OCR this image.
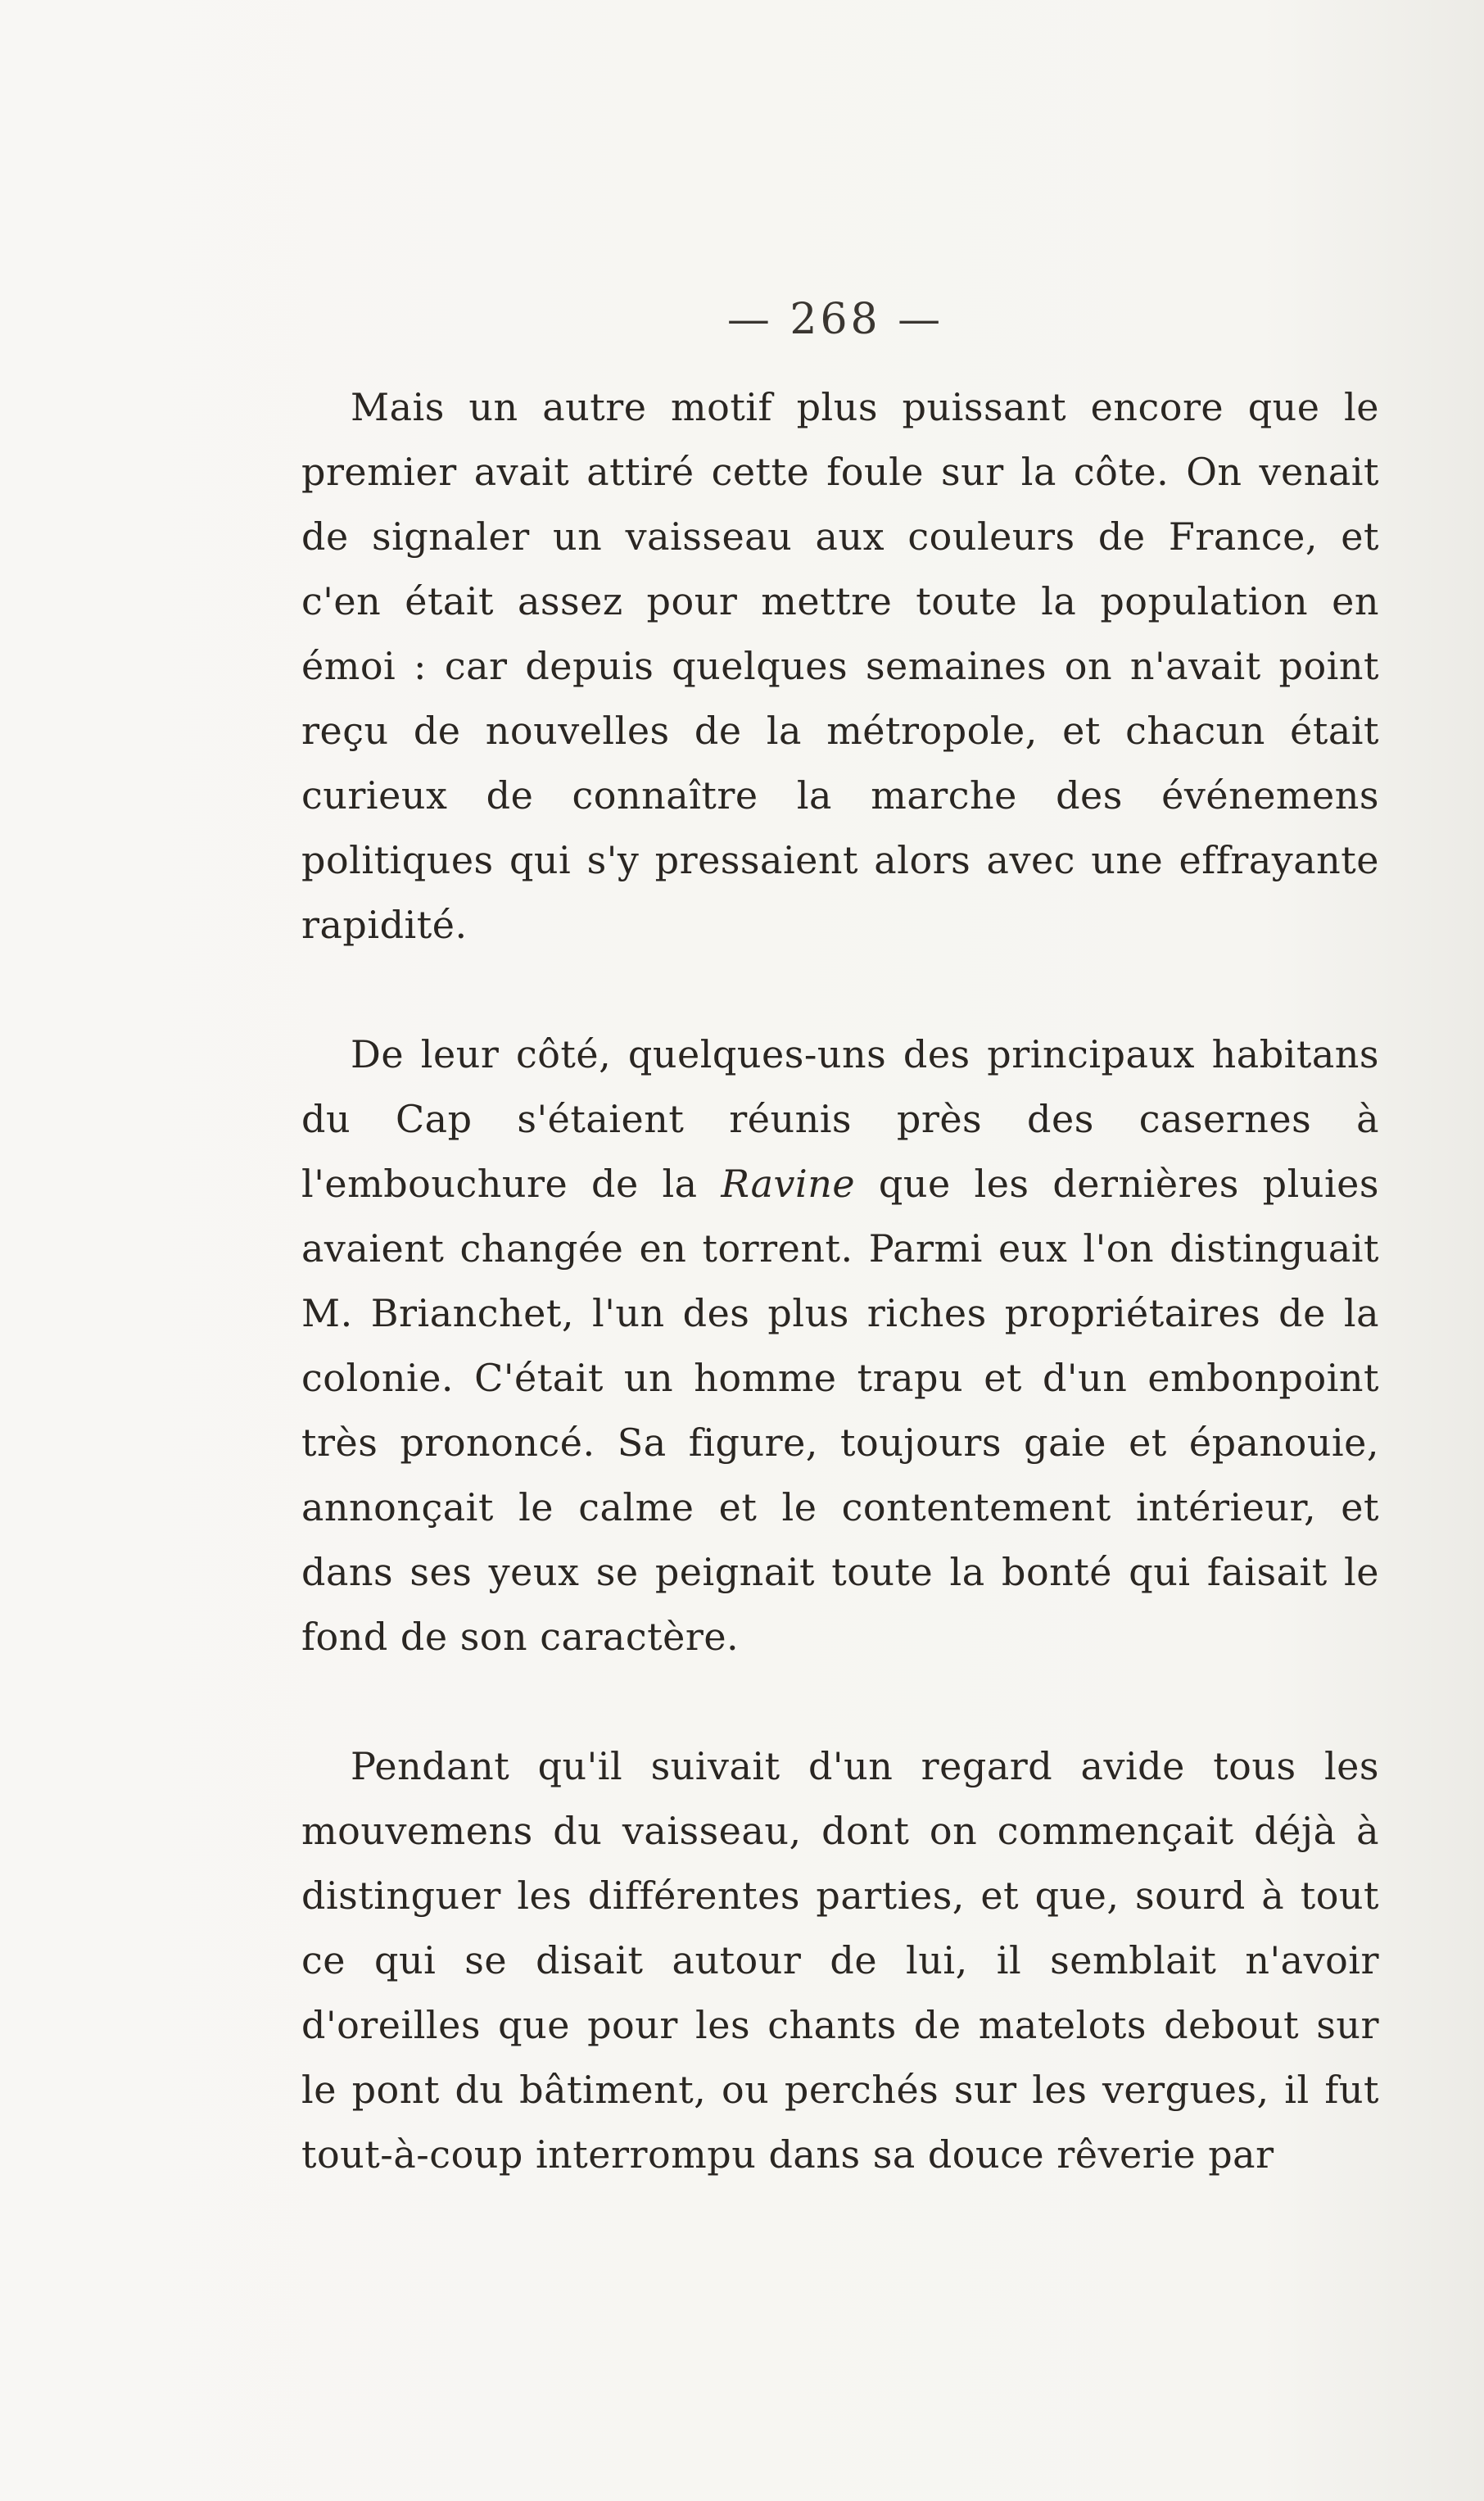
— 268 —

Mais un autre motif plus puissant encore que le premier avait attiré cette foule sur la côte. On venait de signaler un vaisseau aux couleurs de France, et c'en était assez pour mettre toute la population en émoi : car depuis quelques semaines on n'avait point reçu de nouvelles de la métropole, et chacun était curieux de connaître la marche des événemens politiques qui s'y pressaient alors avec une effrayante rapidité.

De leur côté, quelques-uns des principaux habitans du Cap s'étaient réunis près des casernes à l'embouchure de la Ravine que les dernières pluies avaient changée en torrent. Parmi eux l'on distinguait M. Brianchet, l'un des plus riches propriétaires de la colonie. C'était un homme trapu et d'un embonpoint très prononcé. Sa figure, toujours gaie et épanouie, annonçait le calme et le contentement intérieur, et dans ses yeux se peignait toute la bonté qui faisait le fond de son caractère.

Pendant qu'il suivait d'un regard avide tous les mouvemens du vaisseau, dont on commençait déjà à distinguer les différentes parties, et que, sourd à tout ce qui se disait autour de lui, il semblait n'avoir d'oreilles que pour les chants de matelots debout sur le pont du bâtiment, ou perchés sur les vergues, il fut tout-à-coup interrompu dans sa douce rêverie par
